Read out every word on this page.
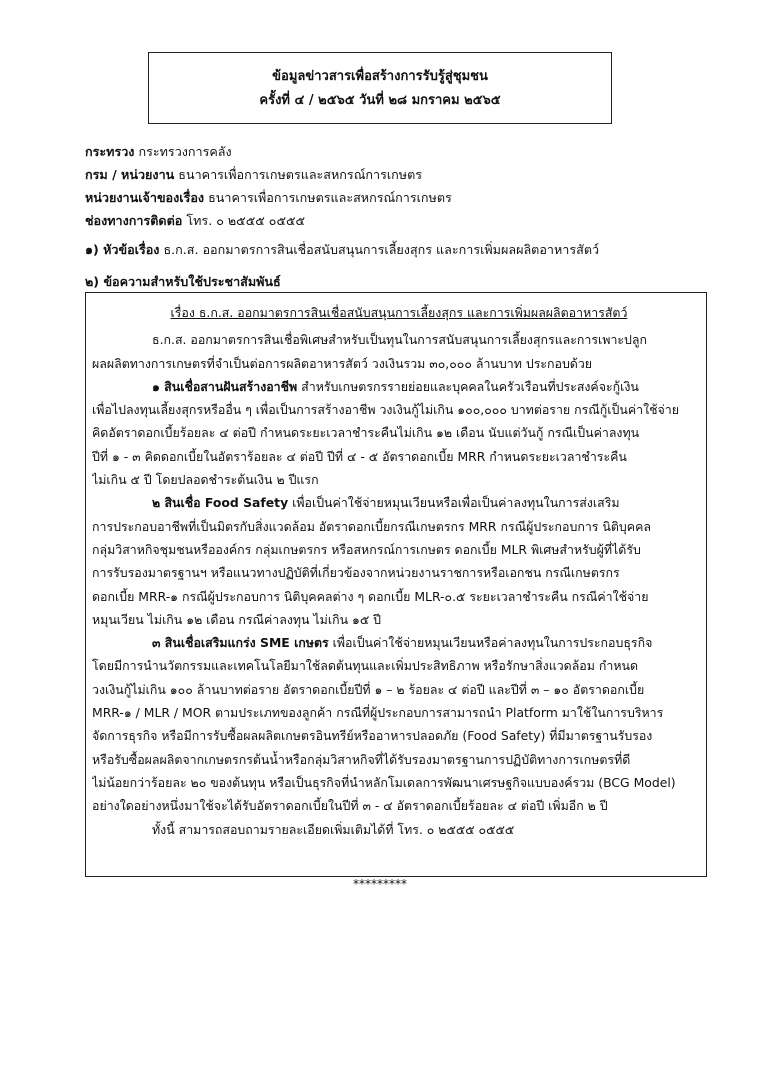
ข้อมูลข่าวสารเพื่อสร้างการรับรู้สู่ชุมชน
ครั้งที่ ๔ / ๒๕๖๕ วันที่ ๒๘ มกราคม ๒๕๖๕
กระทรวง กระทรวงการคลัง
กรม / หน่วยงาน ธนาคารเพื่อการเกษตรและสหกรณ์การเกษตร
หน่วยงานเจ้าของเรื่อง ธนาคารเพื่อการเกษตรและสหกรณ์การเกษตร
ช่องทางการติดต่อ โทร. ๐ ๒๕๕๕ ๐๕๕๕
๑) หัวข้อเรื่อง ธ.ก.ส. ออกมาตรการสินเชื่อสนับสนุนการเลี้ยงสุกร และการเพิ่มผลผลิตอาหารสัตว์
๒) ข้อความสำหรับใช้ประชาสัมพันธ์
เรื่อง ธ.ก.ส. ออกมาตรการสินเชื่อสนับสนุนการเลี้ยงสุกร และการเพิ่มผลผลิตอาหารสัตว์
ธ.ก.ส. ออกมาตรการสินเชื่อพิเศษสำหรับเป็นทุนในการสนับสนุนการเลี้ยงสุกรและการเพาะปลูก
ผลผลิตทางการเกษตรที่จำเป็นต่อการผลิตอาหารสัตว์ วงเงินรวม ๓๐,๐๐๐ ล้านบาท ประกอบด้วย
๑ สินเชื่อสานฝันสร้างอาชีพ สำหรับเกษตรกรรายย่อยและบุคคลในครัวเรือนที่ประสงค์จะกู้เงิน
เพื่อไปลงทุนเลี้ยงสุกรหรืออื่น ๆ เพื่อเป็นการสร้างอาชีพ วงเงินกู้ไม่เกิน ๑๐๐,๐๐๐ บาทต่อราย กรณีกู้เป็นค่าใช้จ่าย
คิดอัตราดอกเบี้ยร้อยละ ๔ ต่อปี กำหนดระยะเวลาชำระคืนไม่เกิน ๑๒ เดือน นับแต่วันกู้ กรณีเป็นค่าลงทุน
ปีที่ ๑ - ๓ คิดดอกเบี้ยในอัตราร้อยละ ๔ ต่อปี ปีที่ ๔ - ๕ อัตราดอกเบี้ย MRR กำหนดระยะเวลาชำระคืน
ไม่เกิน ๕ ปี โดยปลอดชำระต้นเงิน ๒ ปีแรก
๒ สินเชื่อ Food Safety เพื่อเป็นค่าใช้จ่ายหมุนเวียนหรือเพื่อเป็นค่าลงทุนในการส่งเสริม
การประกอบอาชีพที่เป็นมิตรกับสิ่งแวดล้อม อัตราดอกเบี้ยกรณีเกษตรกร MRR กรณีผู้ประกอบการ นิติบุคคล
กลุ่มวิสาหกิจชุมชนหรือองค์กร กลุ่มเกษตรกร หรือสหกรณ์การเกษตร ดอกเบี้ย MLR พิเศษสำหรับผู้ที่ได้รับ
การรับรองมาตรฐานฯ หรือแนวทางปฏิบัติที่เกี่ยวข้องจากหน่วยงานราชการหรือเอกชน กรณีเกษตรกร
ดอกเบี้ย MRR-๑ กรณีผู้ประกอบการ นิติบุคคลต่าง ๆ ดอกเบี้ย MLR-๐.๕ ระยะเวลาชำระคืน กรณีค่าใช้จ่าย
หมุนเวียน ไม่เกิน ๑๒ เดือน กรณีค่าลงทุน ไม่เกิน ๑๕ ปี
๓ สินเชื่อเสริมแกร่ง SME เกษตร เพื่อเป็นค่าใช้จ่ายหมุนเวียนหรือค่าลงทุนในการประกอบธุรกิจ
โดยมีการนำนวัตกรรมและเทคโนโลยีมาใช้ลดต้นทุนและเพิ่มประสิทธิภาพ หรือรักษาสิ่งแวดล้อม กำหนด
วงเงินกู้ไม่เกิน ๑๐๐ ล้านบาทต่อราย อัตราดอกเบี้ยปีที่ ๑ – ๒ ร้อยละ ๔ ต่อปี และปีที่ ๓ – ๑๐ อัตราดอกเบี้ย
MRR-๑ / MLR / MOR ตามประเภทของลูกค้า กรณีที่ผู้ประกอบการสามารถนำ Platform มาใช้ในการบริหาร
จัดการธุรกิจ หรือมีการรับซื้อผลผลิตเกษตรอินทรีย์หรืออาหารปลอดภัย (Food Safety) ที่มีมาตรฐานรับรอง
หรือรับซื้อผลผลิตจากเกษตรกรต้นน้ำหรือกลุ่มวิสาหกิจที่ได้รับรองมาตรฐานการปฏิบัติทางการเกษตรที่ดี
ไม่น้อยกว่าร้อยละ ๒๐ ของต้นทุน หรือเป็นธุรกิจที่นำหลักโมเดลการพัฒนาเศรษฐกิจแบบองค์รวม (BCG Model)
อย่างใดอย่างหนึ่งมาใช้จะได้รับอัตราดอกเบี้ยในปีที่ ๓ - ๔ อัตราดอกเบี้ยร้อยละ ๔ ต่อปี เพิ่มอีก ๒ ปี
ทั้งนี้ สามารถสอบถามรายละเอียดเพิ่มเติมได้ที่ โทร. ๐ ๒๕๕๕ ๐๕๕๕
*********
